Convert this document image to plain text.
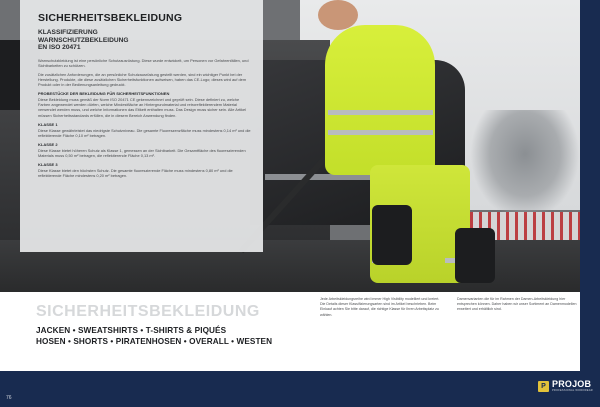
SICHERHEITSBEKLEIDUNG
KLASSIFIZIERUNG
WARNSCHUTZBEKLEIDUNG
EN ISO 20471

Warnschutzkleidung ist eine persönliche Schutzausrüstung. Diese wurde entwickelt, um Personen vor Gefahrenfällen, und Sichtbarkeiten zu schützen.

Die zusätzlichen Anforderungen, die an persönliche Schutzausrüstung gestellt werden, sind ein wichtiger Punkt bei der Herstellung. Produkte, die diese zusätzlichen Sicherheitsfunktionen aufweisen, haben das CE-Logo; dieses wird auf dem Produkt oder in der Bedienungsanleitung gedruckt.

PROBESTÜCKE DER BEKLEIDUNG FÜR SICHERHEITSFUNKTIONEN

Diese Bekleidung muss gemäß der Norm ISO 20471 CE gekennzeichnet und geprüft sein. Diese definiert zu, welche Farben angewendet werden dürfen, welche Mindestfläche an Hintergrundmaterial und retroreflektierendem Material verwendet werden muss, und welche Informationen das Etikett enthalten muss. Das Design muss sicher sein. Alle Artikel müssen Sicherheitsstandards erfüllen, die in diesem Bereich Anwendung finden.

KLASSE 1

Diese Klasse gewährleistet das niedrigste Schutzniveau. Die gesamte Fluoreszenzfläche muss mindestens 0,14 m² und die reflektierende Fläche 0,10 m² betragen.

KLASSE 2

Diese Klasse bietet höheren Schutz als Klasse 1, gemessen an der Sichtbarkeit. Die Gesamtfläche des fluoreszierenden Materials muss 0,50 m² betragen, die reflektierende Fläche 0,13 m².

KLASSE 3

Diese Klasse bietet den höchsten Schutz. Die gesamte fluoreszierende Fläche muss mindestens 0,80 m² und die reflektierende Fläche mindestens 0,20 m² betragen.

SICHERHEITSBEKLEIDUNG
JACKEN • SWEATSHIRTS • T-SHIRTS & PIQUÉS
HOSEN • SHORTS • PIRATENHOSEN • OVERALL • WESTEN
Jede Arbeitskleidungsreihe wird immer High Visibility modelliert und kreiert. Die Details dieser Klassifizierungsarten sind im Artikel beschrieben. Beim Einkauf achten Sie bitte darauf, die richtige Klasse für Ihren Arbeitsplatz zu wählen.
Damenvarianten die für im Rahmen der Damen-Arbeitskleidung hier entsprechen können. Daher haben wir unser Sortiment an Damenmodellen erweitert und erhältlich sind.
76
P PROJOB
PROFESSIONAL WORKWEAR
